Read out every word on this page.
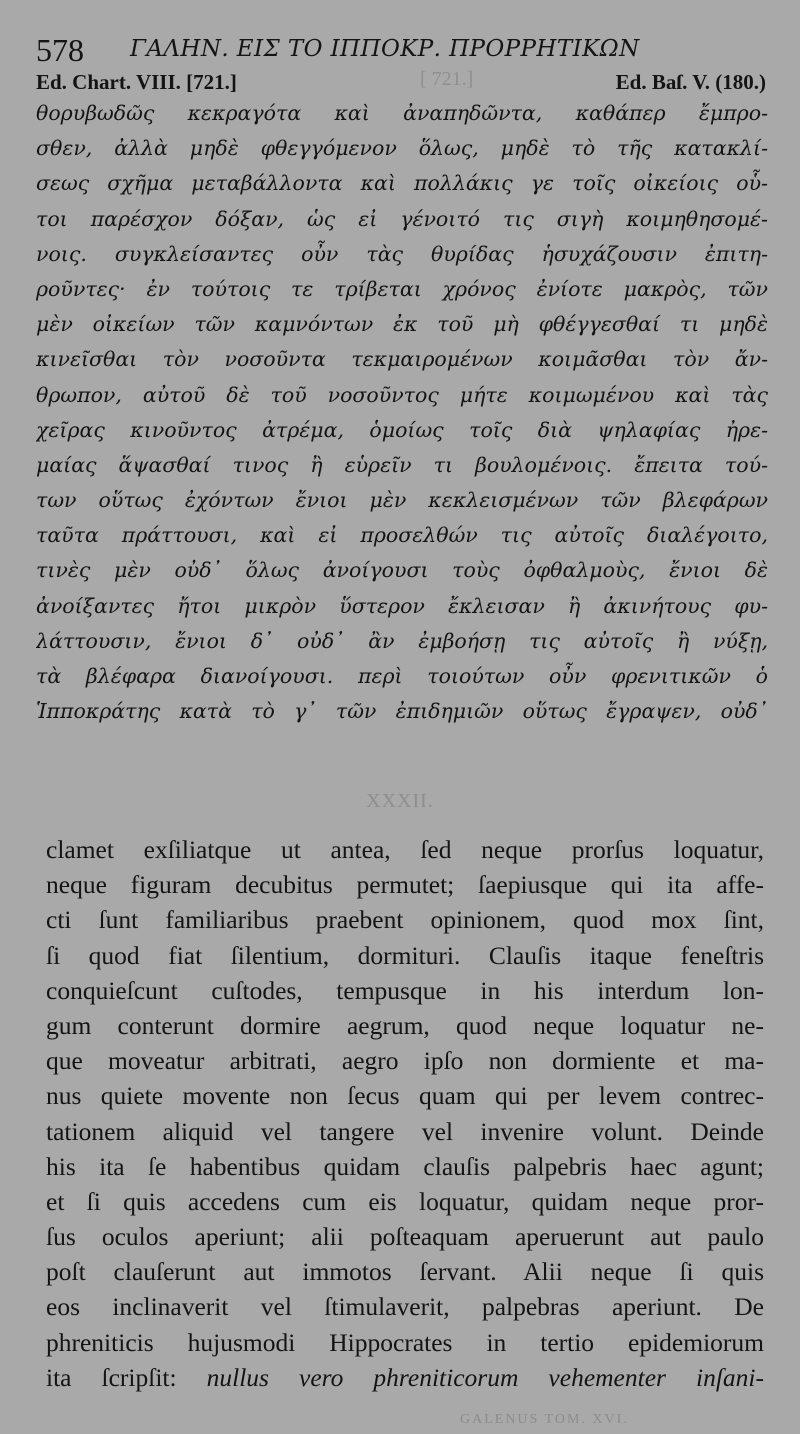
578 ΓΑΛΗΝ. ΕΙΣ ΤΟ ΙΠΠΟΚΡ. ΠΡΟΡΡΗΤΙΚΩΝ
Ed. Chart. VIII. [721.]	Ed. Baſ. V. (180.)
[ 721.]
θορυβωδῶς κεκραγότα καὶ ἀναπηδῶντα, καθάπερ ἔμπρο-
σθεν, ἀλλὰ μηδὲ φθεγγόμενον ὅλως, μηδὲ τὸ τῆς κατακλί-
σεως σχῆμα μεταβάλλοντα καὶ πολλάκις γε τοῖς οἰκείοις οὗ-
τοι παρέσχον δόξαν, ὡς εἰ γένοιτό τις σιγὴ κοιμηθησομέ-
νοις. συγκλείσαντες οὖν τὰς θυρίδας ἡσυχάζουσιν ἐπιτη-
ροῦντες· ἐν τούτοις τε τρίβεται χρόνος ἐνίοτε μακρὸς, τῶν
μὲν οἰκείων τῶν καμνόντων ἐκ τοῦ μὴ φθέγγεσθαί τι μηδὲ
κινεῖσθαι τὸν νοσοῦντα τεκμαιρομένων κοιμᾶσθαι τὸν ἄν-
θρωπον, αὐτοῦ δὲ τοῦ νοσοῦντος μήτε κοιμωμένου καὶ τὰς
χεῖρας κινοῦντος ἀτρέμα, ὁμοίως τοῖς διὰ ψηλαφίας ἠρε-
μαίας ἅψασθαί τινος ἢ εὑρεῖν τι βουλομένοις. ἔπειτα τού-
των οὕτως ἐχόντων ἔνιοι μὲν κεκλεισμένων τῶν βλεφάρων
ταῦτα πράττουσι, καὶ εἰ προσελθών τις αὐτοῖς διαλέγοιτο,
τινὲς μὲν οὐδ᾽ ὅλως ἀνοίγουσι τοὺς ὀφθαλμοὺς, ἔνιοι δὲ
ἀνοίξαντες ἤτοι μικρὸν ὕστερον ἔκλεισαν ἢ ἀκινήτους φυ-
λάττουσιν, ἔνιοι δ᾽ οὐδ᾽ ἂν ἐμβοήσῃ τις αὐτοῖς ἢ νύξῃ,
τὰ βλέφαρα διανοίγουσι. περὶ τοιούτων οὖν φρενιτικῶν ὁ
Ἱπποκράτης κατὰ τὸ γ᾽ τῶν ἐπιδημιῶν οὕτως ἔγραψεν, οὐδ᾽
XXXII.
clamet exſiliatque ut antea, ſed neque prorſus loquatur,
neque figuram decubitus permutet; ſaepiusque qui ita affe-
cti ſunt familiaribus praebent opinionem, quod mox ſint,
ſi quod fiat ſilentium, dormituri. Clauſis itaque feneſtris
conquieſcunt cuſtodes, tempusque in his interdum lon-
gum conterunt dormire aegrum, quod neque loquatur ne-
que moveatur arbitrati, aegro ipſo non dormiente et ma-
nus quiete movente non ſecus quam qui per levem contrec-
tationem aliquid vel tangere vel invenire volunt. Deinde
his ita ſe habentibus quidam clauſis palpebris haec agunt;
et ſi quis accedens cum eis loquatur, quidam neque pror-
ſus oculos aperiunt; alii poſteaquam aperuerunt aut paulo
poſt clauſerunt aut immotos ſervant. Alii neque ſi quis
eos inclinaverit vel ſtimulaverit, palpebras aperiunt. De
phreniticis hujusmodi Hippocrates in tertio epidemiorum
ita ſcripſit: nullus vero phreniticorum vehementer inſani-
GALENUS TOM. XVI.
